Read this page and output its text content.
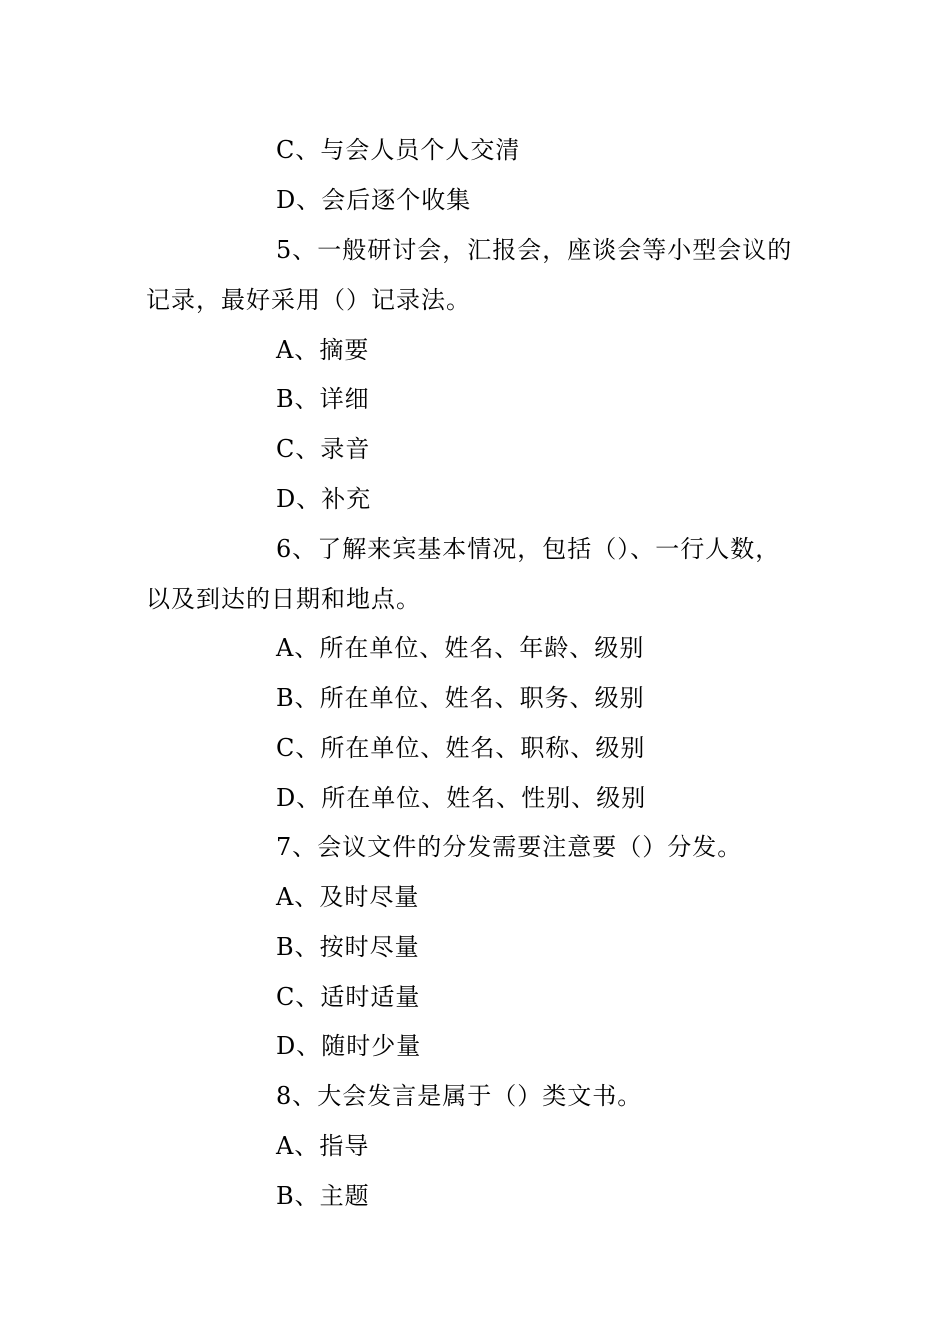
C、与会人员个人交清
D、会后逐个收集
5、一般研讨会，汇报会，座谈会等小型会议的
记录，最好采用（）记录法。
A、摘要
B、详细
C、录音
D、补充
6、了解来宾基本情况，包括（）、一行人数，
以及到达的日期和地点。
A、所在单位、姓名、年龄、级别
B、所在单位、姓名、职务、级别
C、所在单位、姓名、职称、级别
D、所在单位、姓名、性别、级别
7、会议文件的分发需要注意要（）分发。
A、及时尽量
B、按时尽量
C、适时适量
D、随时少量
8、大会发言是属于（）类文书。
A、指导
B、主题
